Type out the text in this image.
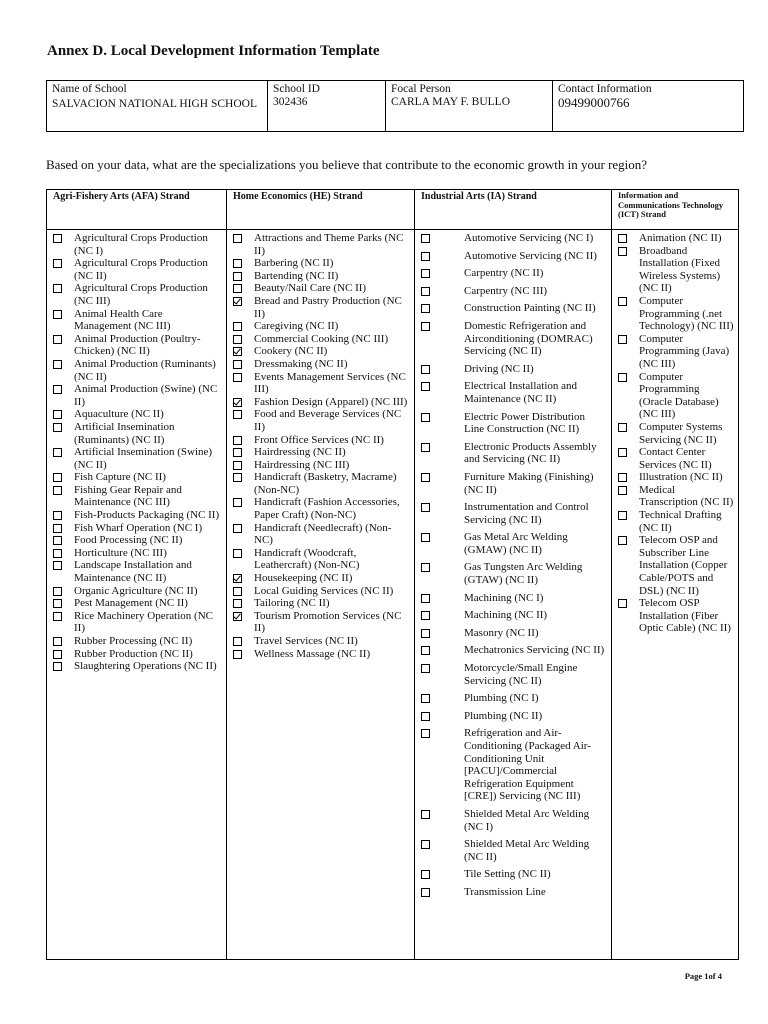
Annex D. Local Development Information Template
Name of School
SALVACION NATIONAL HIGH SCHOOL
School ID
302436
Focal Person
CARLA MAY F. BULLO
Contact Information
09499000766
Based on your data, what are the specializations you believe that contribute to the economic growth in your region?
Agri-Fishery Arts (AFA) Strand
Agricultural Crops Production (NC I)
Agricultural Crops Production (NC II)
Agricultural Crops Production (NC III)
Animal Health Care Management (NC III)
Animal Production (Poultry-Chicken) (NC II)
Animal Production (Ruminants) (NC II)
Animal Production (Swine) (NC II)
Aquaculture (NC II)
Artificial Insemination (Ruminants) (NC II)
Artificial Insemination (Swine) (NC II)
Fish Capture (NC II)
Fishing Gear Repair and Maintenance (NC III)
Fish-Products Packaging (NC II)
Fish Wharf Operation (NC I)
Food Processing (NC II)
Horticulture (NC III)
Landscape Installation and Maintenance (NC II)
Organic Agriculture (NC II)
Pest Management (NC II)
Rice Machinery Operation (NC II)
Rubber Processing (NC II)
Rubber Production (NC II)
Slaughtering Operations (NC II)
Home Economics (HE) Strand
Attractions and Theme Parks (NC II)
Barbering (NC II)
Bartending (NC II)
Beauty/Nail Care (NC II)
Bread and Pastry Production (NC II)
Caregiving (NC II)
Commercial Cooking (NC III)
Cookery (NC II)
Dressmaking (NC II)
Events Management Services (NC III)
Fashion Design (Apparel) (NC III)
Food and Beverage Services (NC II)
Front Office Services (NC II)
Hairdressing (NC II)
Hairdressing (NC III)
Handicraft (Basketry, Macrame) (Non-NC)
Handicraft (Fashion Accessories, Paper Craft) (Non-NC)
Handicraft (Needlecraft) (Non-NC)
Handicraft (Woodcraft, Leathercraft) (Non-NC)
Housekeeping (NC II)
Local Guiding Services (NC II)
Tailoring (NC II)
Tourism Promotion Services (NC II)
Travel Services (NC II)
Wellness Massage (NC II)
Industrial Arts (IA) Strand
Automotive Servicing (NC I)
Automotive Servicing (NC II)
Carpentry (NC II)
Carpentry (NC III)
Construction Painting (NC II)
Domestic Refrigeration and Airconditioning (DOMRAC) Servicing (NC II)
Driving (NC II)
Electrical Installation and Maintenance (NC II)
Electric Power Distribution Line Construction (NC II)
Electronic Products Assembly and Servicing (NC II)
Furniture Making (Finishing) (NC II)
Instrumentation and Control Servicing (NC II)
Gas Metal Arc Welding (GMAW) (NC II)
Gas Tungsten Arc Welding (GTAW) (NC II)
Machining (NC I)
Machining (NC II)
Masonry (NC II)
Mechatronics Servicing (NC II)
Motorcycle/Small Engine Servicing (NC II)
Plumbing (NC I)
Plumbing (NC II)
Refrigeration and Air-Conditioning (Packaged Air-Conditioning Unit [PACU]/Commercial Refrigeration Equipment [CRE]) Servicing (NC III)
Shielded Metal Arc Welding (NC I)
Shielded Metal Arc Welding (NC II)
Tile Setting (NC II)
Transmission Line
Information and Communications Technology (ICT) Strand
Animation (NC II)
Broadband Installation (Fixed Wireless Systems) (NC II)
Computer Programming (.net Technology) (NC III)
Computer Programming (Java) (NC III)
Computer Programming (Oracle Database) (NC III)
Computer Systems Servicing (NC II)
Contact Center Services (NC II)
Illustration (NC II)
Medical Transcription (NC II)
Technical Drafting (NC II)
Telecom OSP and Subscriber Line Installation (Copper Cable/POTS and DSL) (NC II)
Telecom OSP Installation (Fiber Optic Cable) (NC II)
Page 1of 4
